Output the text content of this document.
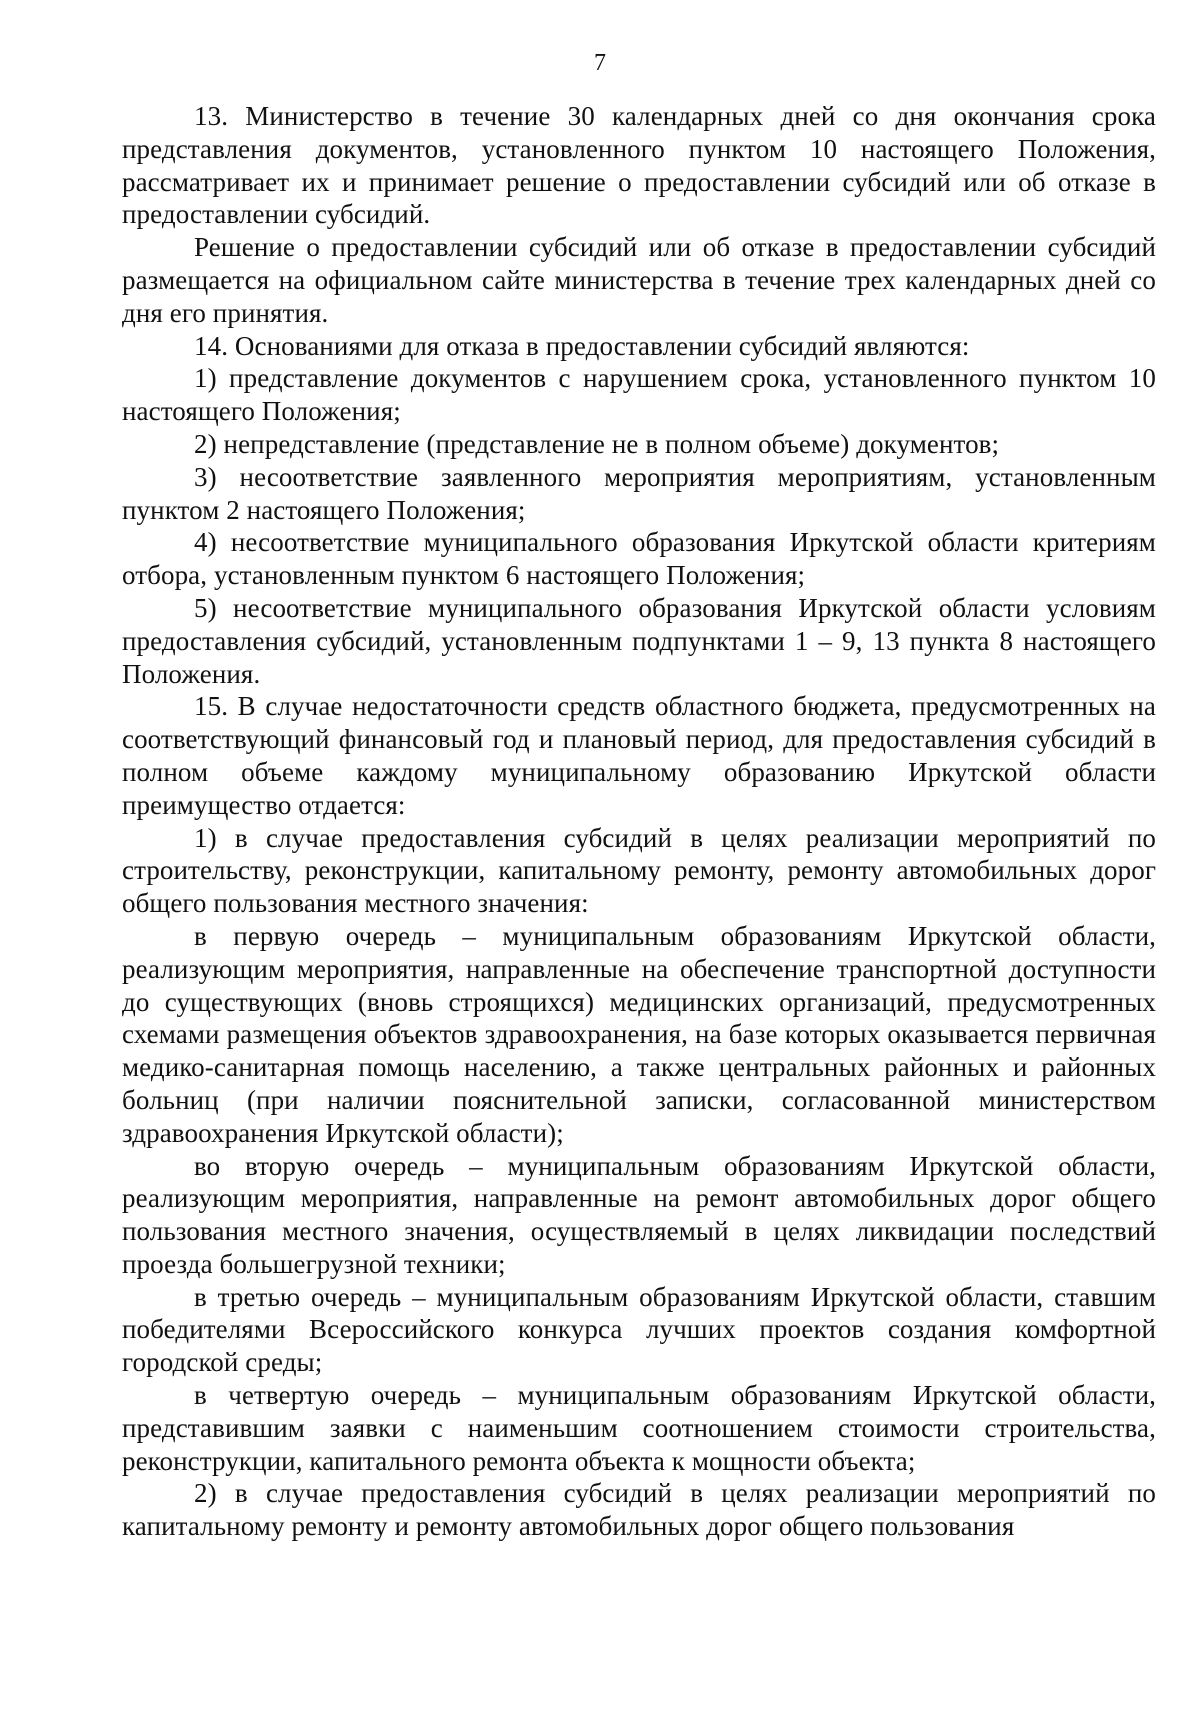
7

13. Министерство в течение 30 календарных дней со дня окончания срока представления документов, установленного пунктом 10 настоящего Положения, рассматривает их и принимает решение о предоставлении субсидий или об отказе в предоставлении субсидий.

Решение о предоставлении субсидий или об отказе в предоставлении субсидий размещается на официальном сайте министерства в течение трех календарных дней со дня его принятия.

14. Основаниями для отказа в предоставлении субсидий являются:

1) представление документов с нарушением срока, установленного пунктом 10 настоящего Положения;

2) непредставление (представление не в полном объеме) документов;

3) несоответствие заявленного мероприятия мероприятиям, установленным пунктом 2 настоящего Положения;

4) несоответствие муниципального образования Иркутской области критериям отбора, установленным пунктом 6 настоящего Положения;

5) несоответствие муниципального образования Иркутской области условиям предоставления субсидий, установленным подпунктами 1 – 9, 13 пункта 8 настоящего Положения.

15. В случае недостаточности средств областного бюджета, предусмотренных на соответствующий финансовый год и плановый период, для предоставления субсидий в полном объеме каждому муниципальному образованию Иркутской области преимущество отдается:

1) в случае предоставления субсидий в целях реализации мероприятий по строительству, реконструкции, капитальному ремонту, ремонту автомобильных дорог общего пользования местного значения:

в первую очередь – муниципальным образованиям Иркутской области, реализующим мероприятия, направленные на обеспечение транспортной доступности до существующих (вновь строящихся) медицинских организаций, предусмотренных схемами размещения объектов здравоохранения, на базе которых оказывается первичная медико-санитарная помощь населению, а также центральных районных и районных больниц (при наличии пояснительной записки, согласованной министерством здравоохранения Иркутской области);

во вторую очередь – муниципальным образованиям Иркутской области, реализующим мероприятия, направленные на ремонт автомобильных дорог общего пользования местного значения, осуществляемый в целях ликвидации последствий проезда большегрузной техники;

в третью очередь – муниципальным образованиям Иркутской области, ставшим победителями Всероссийского конкурса лучших проектов создания комфортной городской среды;

в четвертую очередь – муниципальным образованиям Иркутской области, представившим заявки с наименьшим соотношением стоимости строительства, реконструкции, капитального ремонта объекта к мощности объекта;

2) в случае предоставления субсидий в целях реализации мероприятий по капитальному ремонту и ремонту автомобильных дорог общего пользования
